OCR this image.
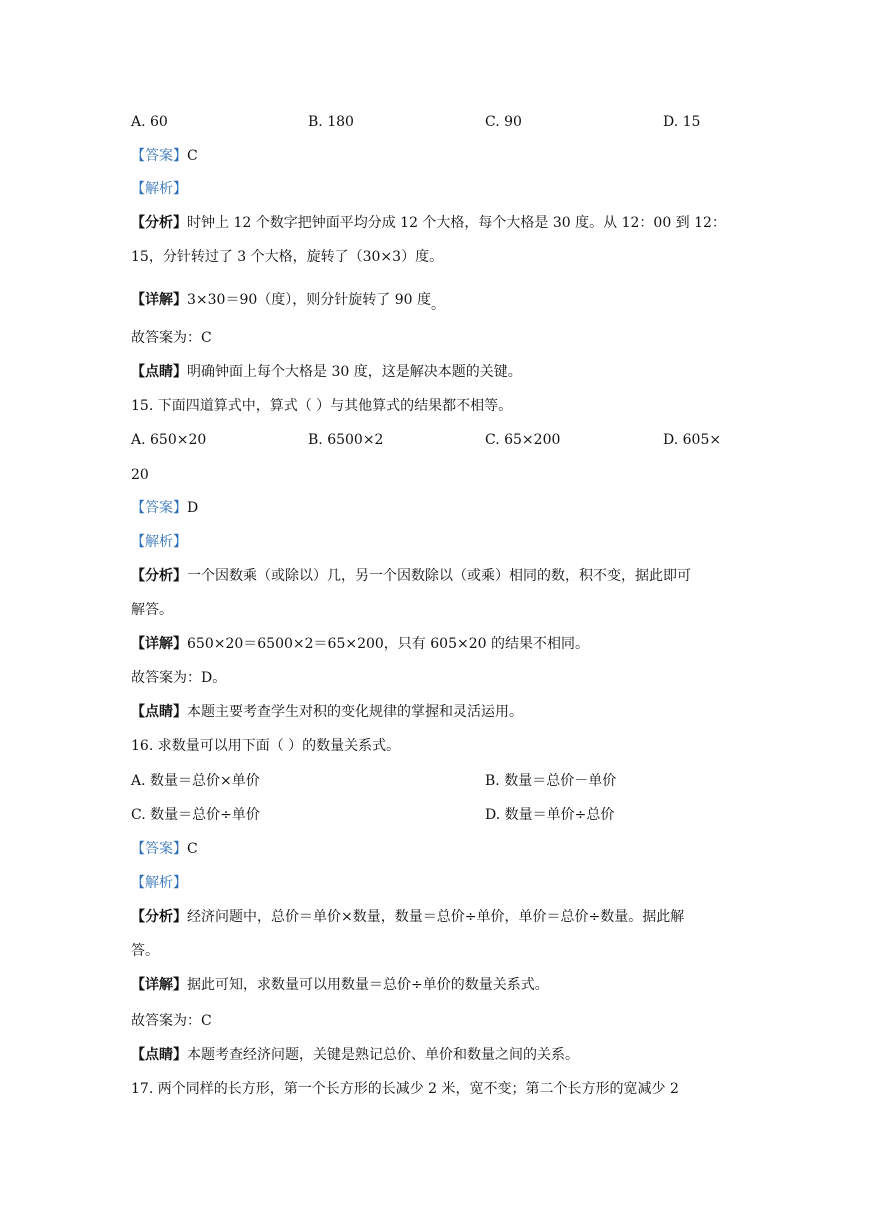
A. 60	B. 180	C. 90	D. 15
【答案】C
【解析】
【分析】时钟上 12 个数字把钟面平均分成 12 个大格，每个大格是 30 度。从 12：00 到 12：
15，分针转过了 3 个大格，旋转了（30×3）度。
【详解】3×30＝90（度），则分针旋转了 90 度。
故答案为：C
【点睛】明确钟面上每个大格是 30 度，这是解决本题的关键。
15. 下面四道算式中，算式（ ）与其他算式的结果都不相等。
A. 650×20	B. 6500×2	C. 65×200	D. 605×
20
【答案】D
【解析】
【分析】一个因数乘（或除以）几，另一个因数除以（或乘）相同的数，积不变，据此即可
解答。
【详解】650×20＝6500×2＝65×200，只有 605×20 的结果不相同。
故答案为：D。
【点睛】本题主要考查学生对积的变化规律的掌握和灵活运用。
16. 求数量可以用下面（ ）的数量关系式。
A. 数量＝总价×单价	B. 数量＝总价－单价
C. 数量＝总价÷单价	D. 数量＝单价÷总价
【答案】C
【解析】
【分析】经济问题中，总价＝单价×数量，数量＝总价÷单价，单价＝总价÷数量。据此解
答。
【详解】据此可知，求数量可以用数量＝总价÷单价的数量关系式。
故答案为：C
【点睛】本题考查经济问题，关键是熟记总价、单价和数量之间的关系。
17. 两个同样的长方形，第一个长方形的长减少 2 米，宽不变；第二个长方形的宽减少 2
